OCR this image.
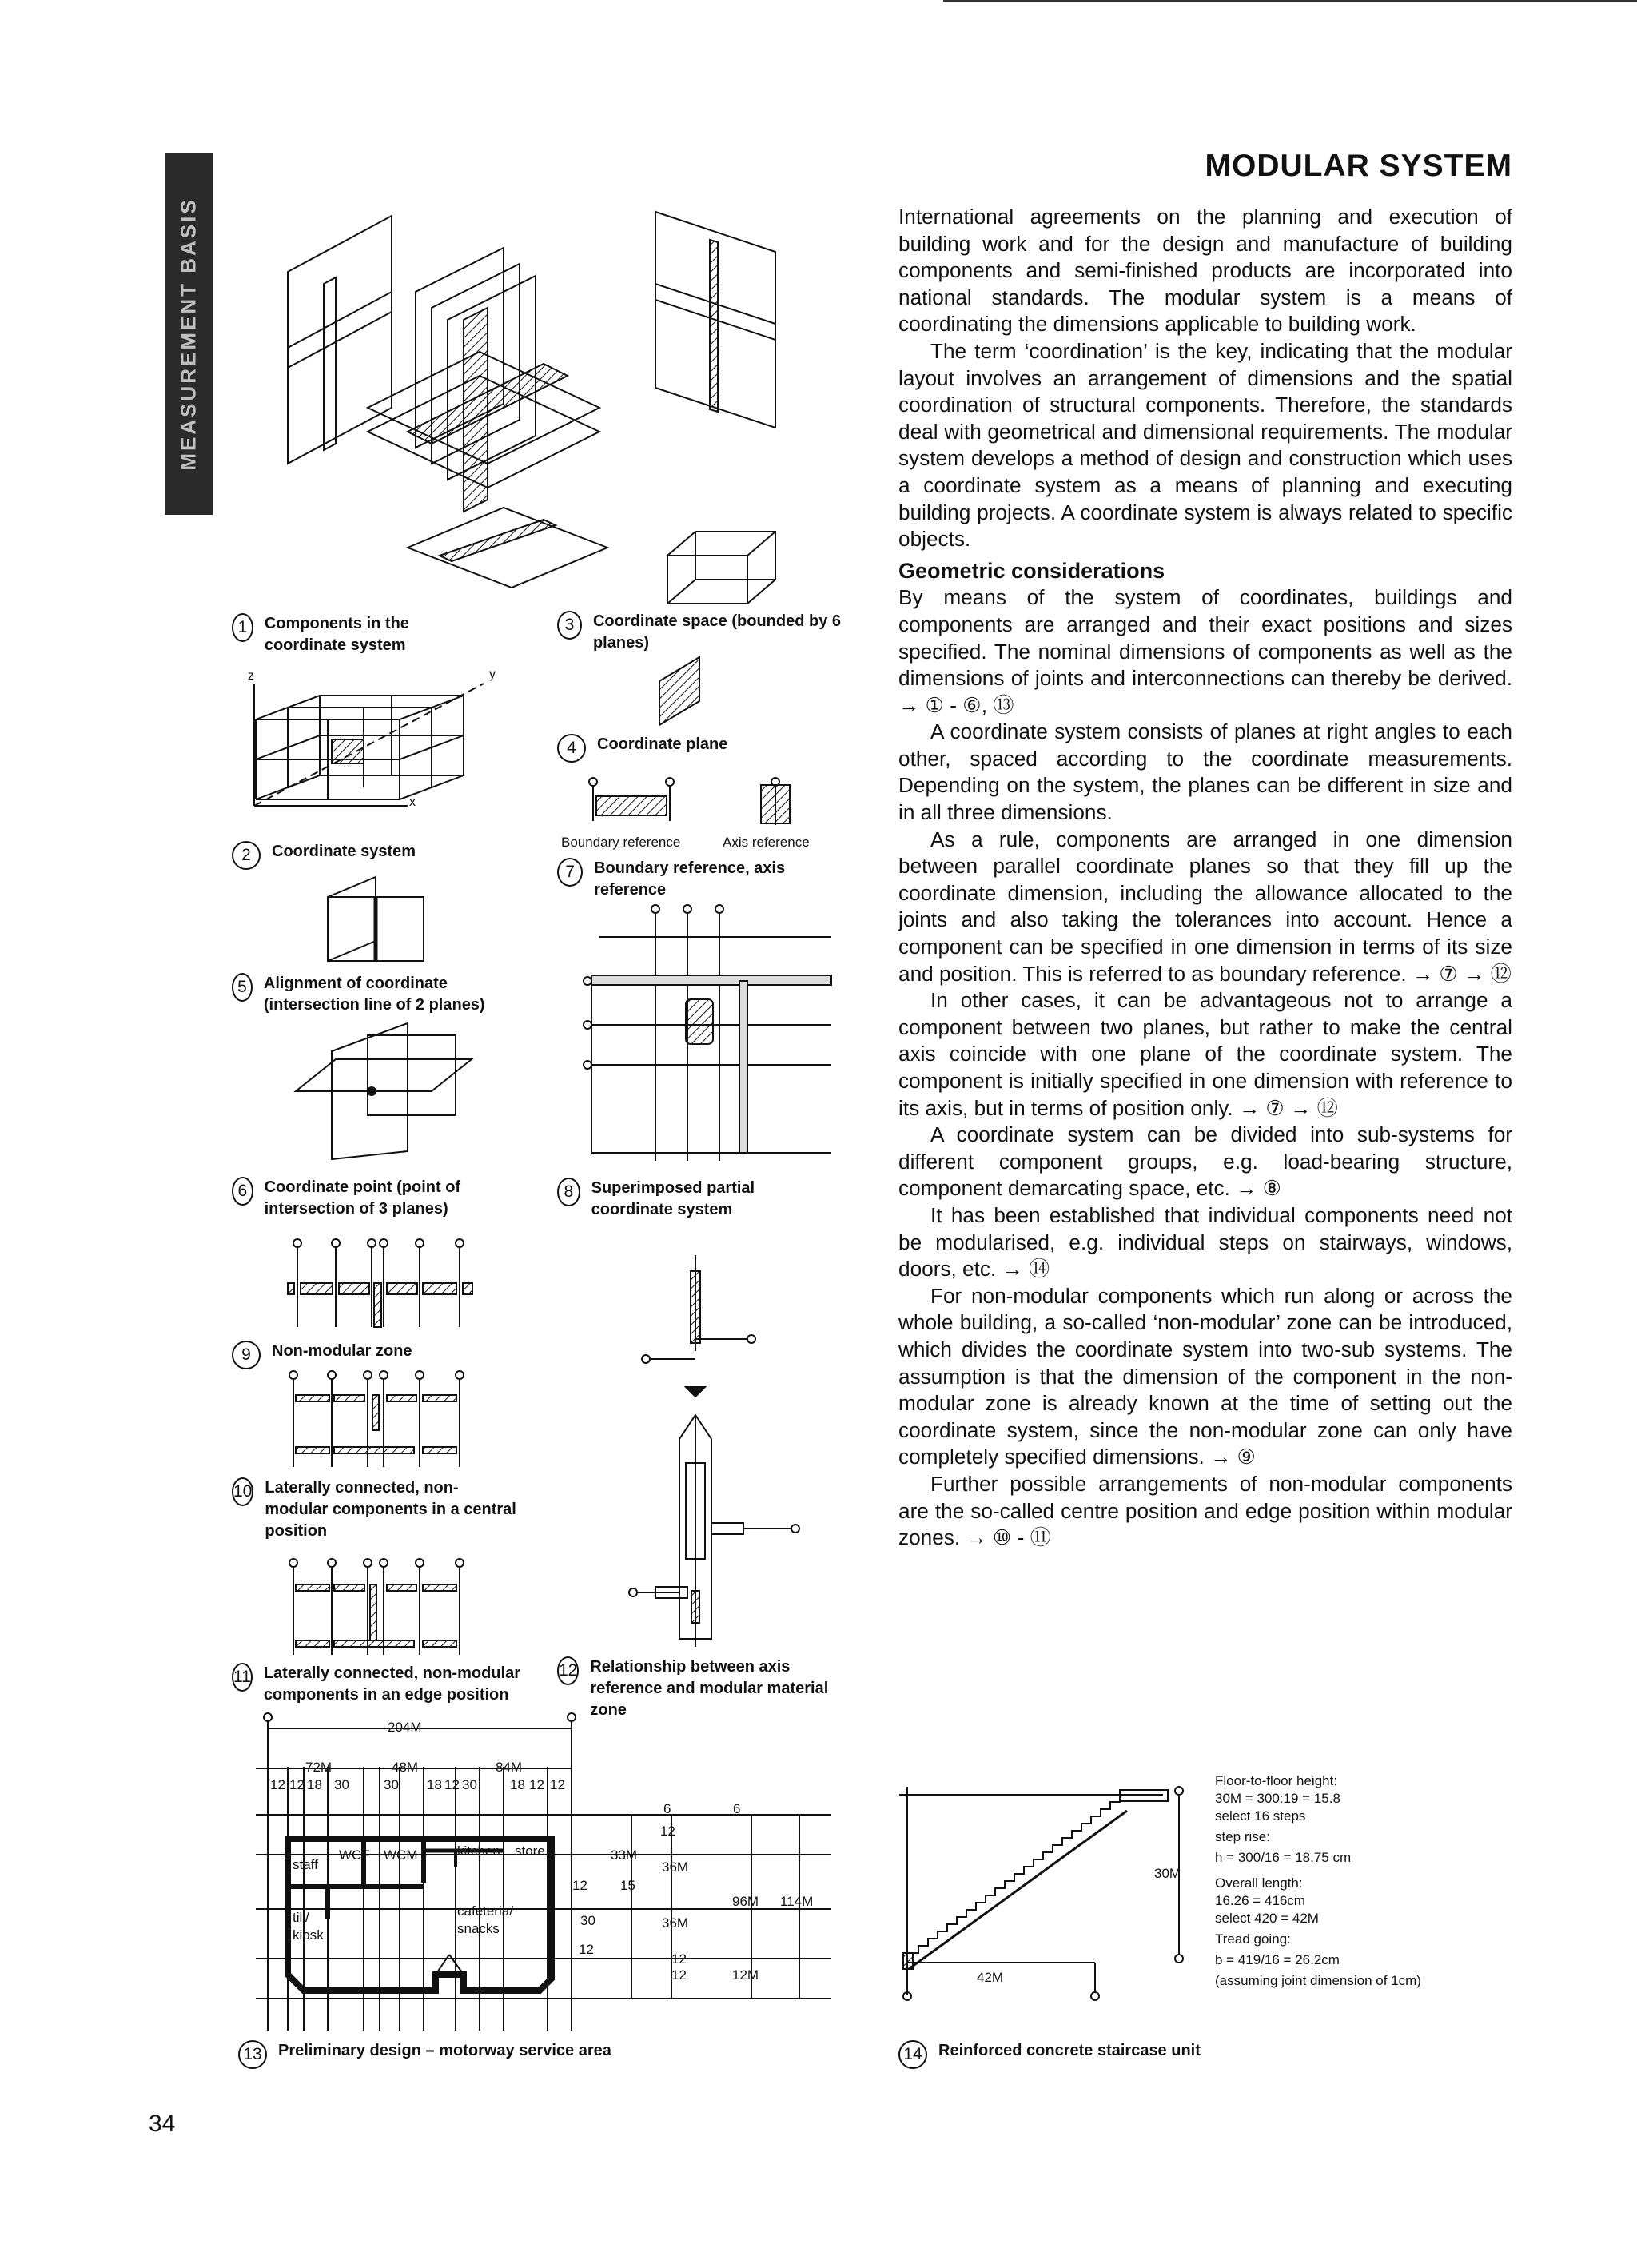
MEASUREMENT BASIS
MODULAR SYSTEM

International agreements on the planning and execution of building work and for the design and manufacture of building components and semi-finished products are incorporated into national standards. The modular system is a means of coordinating the dimensions applicable to building work.

The term ‘coordination’ is the key, indicating that the modular layout involves an arrangement of dimensions and the spatial coordination of structural components. Therefore, the standards deal with geometrical and dimensional requirements. The modular system develops a method of design and construction which uses a coordinate system as a means of planning and executing building projects. A coordinate system is always related to specific objects.

Geometric considerations

By means of the system of coordinates, buildings and components are arranged and their exact positions and sizes specified. The nominal dimensions of components as well as the dimensions of joints and interconnections can thereby be derived. → ① - ⑥, ⑬

A coordinate system consists of planes at right angles to each other, spaced according to the coordinate measurements. Depending on the system, the planes can be different in size and in all three dimensions.

As a rule, components are arranged in one dimension between parallel coordinate planes so that they fill up the coordinate dimension, including the allowance allocated to the joints and also taking the tolerances into account. Hence a component can be specified in one dimension in terms of its size and position. This is referred to as boundary reference. → ⑦ → ⑫

In other cases, it can be advantageous not to arrange a component between two planes, but rather to make the central axis coincide with one plane of the coordinate system. The component is initially specified in one dimension with reference to its axis, but in terms of position only. → ⑦ → ⑫

A coordinate system can be divided into sub-systems for different component groups, e.g. load-bearing structure, component demarcating space, etc. → ⑧

It has been established that individual components need not be modularised, e.g. individual steps on stairways, windows, doors, etc. → ⑭

For non-modular components which run along or across the whole building, a so-called ‘non-modular’ zone can be introduced, which divides the coordinate system into two-sub systems. The assumption is that the dimension of the component in the non-modular zone is already known at the time of setting out the coordinate system, since the non-modular zone can only have completely specified dimensions. → ⑨

Further possible arrangements of non-modular components are the so-called centre position and edge position within modular zones. → ⑩ - ⑪

1	Components in the coordinate system
3	Coordinate space (bounded by 6 planes)
z	y
x
2	Coordinate system
4	Coordinate plane
Boundary reference	Axis reference
7	Boundary reference, axis reference
5	Alignment of coordinate (intersection line of 2 planes)
6	Coordinate point (point of intersection of 3 planes)
8	Superimposed partial coordinate system
9	Non-modular zone
10 Laterally connected, non-modular components in a central position
11 Laterally connected, non-modular components in an edge position
12 Relationship between axis reference and modular material zone
204M
72M	48M	84M
12 12 18 30	30 18 12 30 18 12 12
staff
WCF WCM	kitchen store
till/ kiosk
cafeteria/ snacks
6	6
12
33M
36M
15
12
30	36M
12
12
12	12M
96M 114M
13	Preliminary design – motorway service area
42M
30M
Floor-to-floor height:
30M = 300:19 = 15.8
select 16 steps
step rise:
h = 300/16 = 18.75 cm
Overall length:
16.26 = 416cm
select 420 = 42M
Tread going:
b = 419/16 = 26.2cm
(assuming joint dimension of 1cm)
14	Reinforced concrete staircase unit
34
